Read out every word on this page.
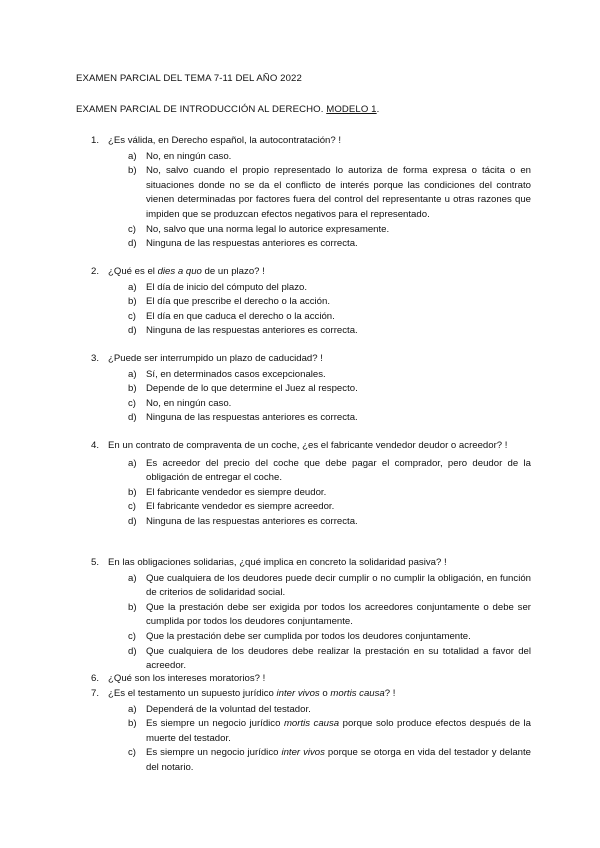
EXAMEN PARCIAL DEL TEMA 7-11 DEL AÑO 2022
EXAMEN PARCIAL DE INTRODUCCIÓN AL DERECHO. MODELO 1.
1. ¿Es válida, en Derecho español, la autocontratación? !
a) No, en ningún caso.
b) No, salvo cuando el propio representado lo autoriza de forma expresa o tácita o en situaciones donde no se da el conflicto de interés porque las condiciones del contrato vienen determinadas por factores fuera del control del representante u otras razones que impiden que se produzcan efectos negativos para el representado.
c) No, salvo que una norma legal lo autorice expresamente.
d) Ninguna de las respuestas anteriores es correcta.
2. ¿Qué es el dies a quo de un plazo? !
a) El día de inicio del cómputo del plazo.
b) El día que prescribe el derecho o la acción.
c) El día en que caduca el derecho o la acción.
d) Ninguna de las respuestas anteriores es correcta.
3. ¿Puede ser interrumpido un plazo de caducidad? !
a) Sí, en determinados casos excepcionales.
b) Depende de lo que determine el Juez al respecto.
c) No, en ningún caso.
d) Ninguna de las respuestas anteriores es correcta.
4. En un contrato de compraventa de un coche, ¿es el fabricante vendedor deudor o acreedor? !
a) Es acreedor del precio del coche que debe pagar el comprador, pero deudor de la obligación de entregar el coche.
b) El fabricante vendedor es siempre deudor.
c) El fabricante vendedor es siempre acreedor.
d) Ninguna de las respuestas anteriores es correcta.
5. En las obligaciones solidarias, ¿qué implica en concreto la solidaridad pasiva? !
a) Que cualquiera de los deudores puede decir cumplir o no cumplir la obligación, en función de criterios de solidaridad social.
b) Que la prestación debe ser exigida por todos los acreedores conjuntamente o debe ser cumplida por todos los deudores conjuntamente.
c) Que la prestación debe ser cumplida por todos los deudores conjuntamente.
d) Que cualquiera de los deudores debe realizar la prestación en su totalidad a favor del acreedor.
6. ¿Qué son los intereses moratorios? !
7. ¿Es el testamento un supuesto jurídico inter vivos o mortis causa? !
a) Dependerá de la voluntad del testador.
b) Es siempre un negocio jurídico mortis causa porque solo produce efectos después de la muerte del testador.
c) Es siempre un negocio jurídico inter vivos porque se otorga en vida del testador y delante del notario.
